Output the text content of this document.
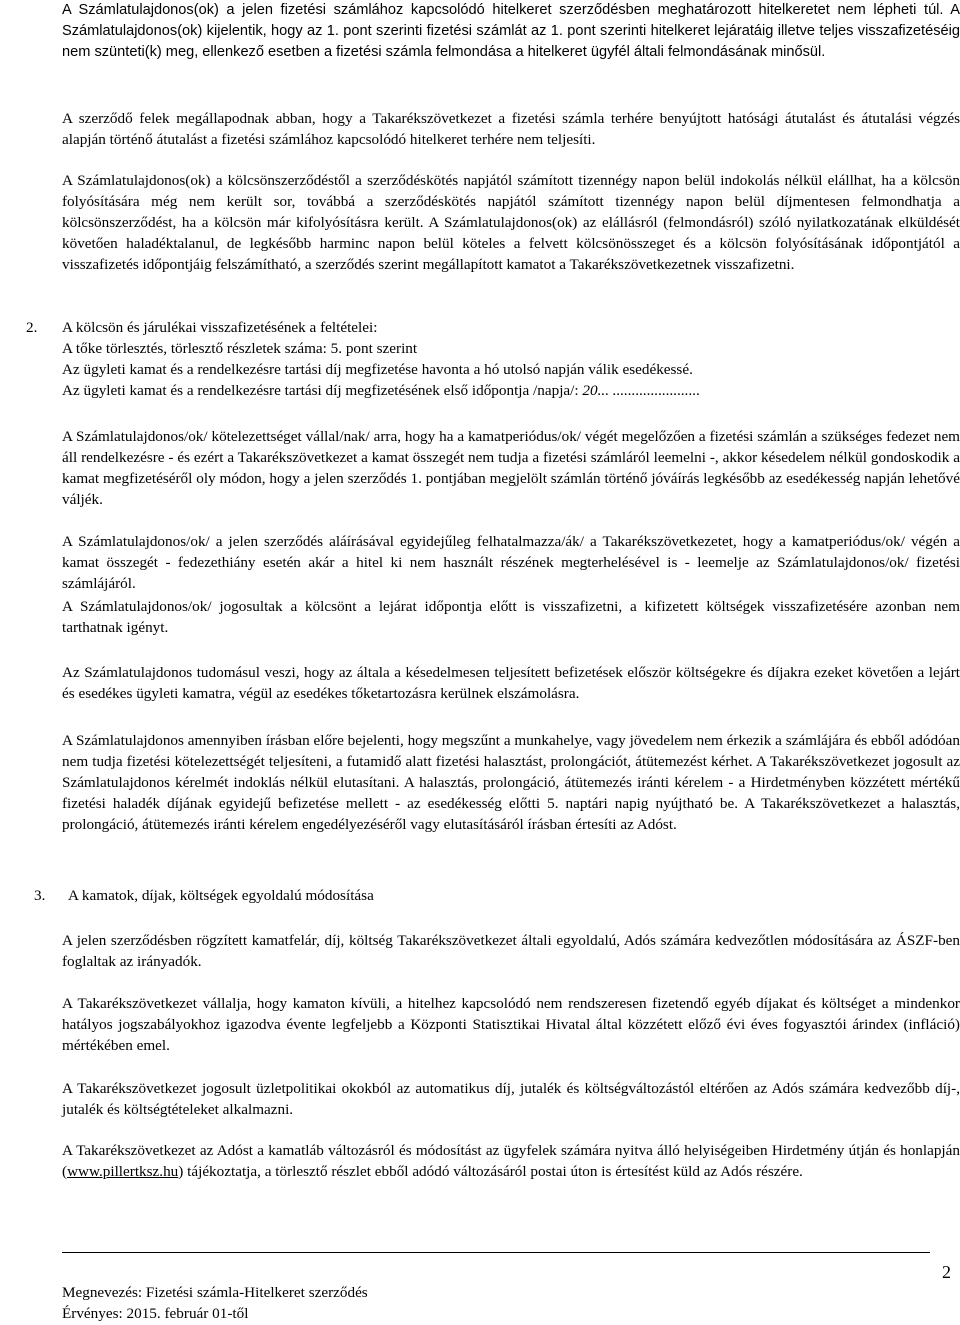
A Számlatulajdonos(ok) a jelen fizetési számlához kapcsolódó hitelkeret szerződésben meghatározott hitelkeretet nem lépheti túl. A Számlatulajdonos(ok) kijelentik, hogy az 1. pont szerinti fizetési számlát az 1. pont szerinti hitelkeret lejáratáig illetve teljes visszafizetéséig nem szünteti(k) meg, ellenkező esetben a fizetési számla felmondása a hitelkeret ügyfél általi felmondásának minősül.

A szerződő felek megállapodnak abban, hogy a Takarékszövetkezet a fizetési számla terhére benyújtott hatósági átutalást és átutalási végzés alapján történő átutalást a fizetési számlához kapcsolódó hitelkeret terhére nem teljesíti.

A Számlatulajdonos(ok) a kölcsönszerződéstől a szerződéskötés napjától számított tizennégy napon belül indokolás nélkül elállhat, ha a kölcsön folyósítására még nem került sor, továbbá a szerződéskötés napjától számított tizennégy napon belül díjmentesen felmondhatja a kölcsönszerződést, ha a kölcsön már kifolyósításra került. A Számlatulajdonos(ok) az elállásról (felmondásról) szóló nyilatkozatának elküldését követően haladéktalanul, de legkésőbb harminc napon belül köteles a felvett kölcsönösszeget és a kölcsön folyósításának időpontjától a visszafizetés időpontjáig felszámítható, a szerződés szerint megállapított kamatot a Takarékszövetkezetnek visszafizetni.

2. A kölcsön és járulékai visszafizetésének a feltételei:
A tőke törlesztés, törlesztő részletek száma: 5. pont szerint
Az ügyleti kamat és a rendelkezésre tartási díj megfizetése havonta a hó utolsó napján válik esedékessé.
Az ügyleti kamat és a rendelkezésre tartási díj megfizetésének első időpontja /napja/: 20... .......................

A Számlatulajdonos/ok/ kötelezettséget vállal/nak/ arra, hogy ha a kamatperiódus/ok/ végét megelőzően a fizetési számlán a szükséges fedezet nem áll rendelkezésre - és ezért a Takarékszövetkezet a kamat összegét nem tudja a fizetési számláról leemelni -, akkor késedelem nélkül gondoskodik a kamat megfizetéséről oly módon, hogy a jelen szerződés 1. pontjában megjelölt számlán történő jóváírás legkésőbb az esedékesség napján lehetővé váljék.

A Számlatulajdonos/ok/ a jelen szerződés aláírásával egyidejűleg felhatalmazza/ák/ a Takarékszövetkezetet, hogy a kamatperiódus/ok/ végén a kamat összegét - fedezethiány esetén akár a hitel ki nem használt részének megterhelésével is - leemelje az Számlatulajdonos/ok/ fizetési számlájáról.

A Számlatulajdonos/ok/ jogosultak a kölcsönt a lejárat időpontja előtt is visszafizetni, a kifizetett költségek visszafizetésére azonban nem tarthatnak igényt.

Az Számlatulajdonos tudomásul veszi, hogy az általa a késedelmesen teljesített befizetések először költségekre és díjakra ezeket követően a lejárt és esedékes ügyleti kamatra, végül az esedékes tőketartozásra kerülnek elszámolásra.

A Számlatulajdonos amennyiben írásban előre bejelenti, hogy megszűnt a munkahelye, vagy jövedelem nem érkezik a számlájára és ebből adódóan nem tudja fizetési kötelezettségét teljesíteni, a futamidő alatt fizetési halasztást, prolongációt, átütemezést kérhet. A Takarékszövetkezet jogosult az Számlatulajdonos kérelmét indoklás nélkül elutasítani. A halasztás, prolongáció, átütemezés iránti kérelem - a Hirdetményben közzétett mértékű fizetési haladék díjának egyidejű befizetése mellett - az esedékesség előtti 5. naptári napig nyújtható be. A Takarékszövetkezet a halasztás, prolongáció, átütemezés iránti kérelem engedélyezéséről vagy elutasításáról írásban értesíti az Adóst.

3. A kamatok, díjak, költségek egyoldalú módosítása

A jelen szerződésben rögzített kamatfelár, díj, költség Takarékszövetkezet általi egyoldalú, Adós számára kedvezőtlen módosítására az ÁSZF-ben foglaltak az irányadók.

A Takarékszövetkezet vállalja, hogy kamaton kívüli, a hitelhez kapcsolódó nem rendszeresen fizetendő egyéb díjakat és költséget a mindenkor hatályos jogszabályokhoz igazodva évente legfeljebb a Központi Statisztikai Hivatal által közzétett előző évi éves fogyasztói árindex (infláció) mértékében emel.

A Takarékszövetkezet jogosult üzletpolitikai okokból az automatikus díj, jutalék és költségváltozástól eltérően az Adós számára kedvezőbb díj-, jutalék és költségtételeket alkalmazni.

A Takarékszövetkezet az Adóst a kamatláb változásról és módosítást az ügyfelek számára nyitva álló helyiségeiben Hirdetmény útján és honlapján (www.pillertksz.hu) tájékoztatja, a törlesztő részlet ebből adódó változásáról postai úton is értesítést küld az Adós részére.

Megnevezés: Fizetési számla-Hitelkeret szerződés
Érvényes: 2015. február 01-től
2
